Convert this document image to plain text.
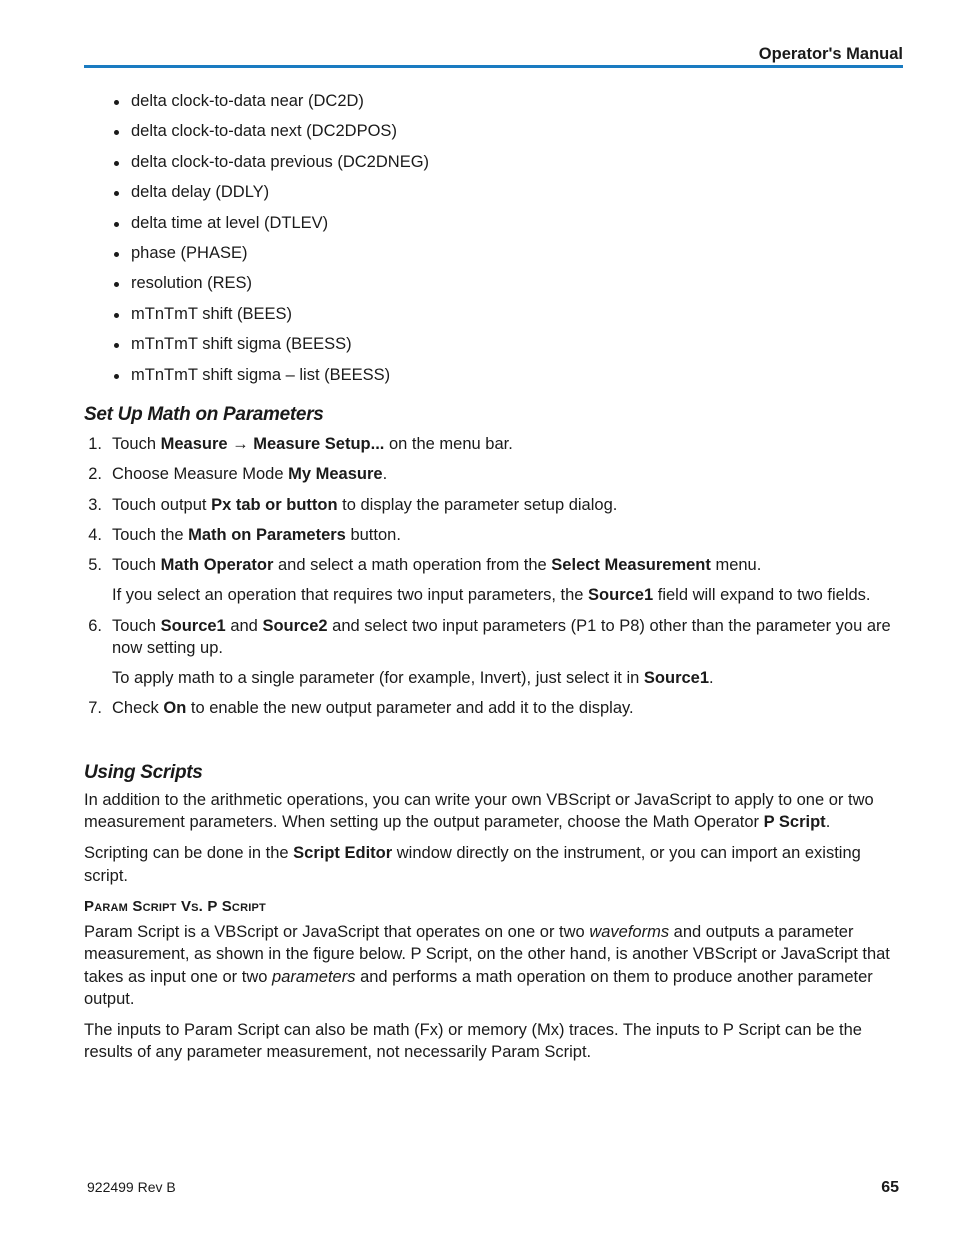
Operator's Manual
delta clock-to-data near (DC2D)
delta clock-to-data next (DC2DPOS)
delta clock-to-data previous (DC2DNEG)
delta delay (DDLY)
delta time at level (DTLEV)
phase (PHASE)
resolution (RES)
mTnTmT shift (BEES)
mTnTmT shift sigma (BEESS)
mTnTmT shift sigma – list (BEESS)
Set Up Math on Parameters
1. Touch Measure → Measure Setup... on the menu bar.

2. Choose Measure Mode My Measure.

3. Touch output Px tab or button to display the parameter setup dialog.

4. Touch the Math on Parameters button.

5. Touch Math Operator and select a math operation from the Select Measurement menu.

If you select an operation that requires two input parameters, the Source1 field will expand to two fields.

6. Touch Source1 and Source2 and select two input parameters (P1 to P8) other than the parameter you are now setting up.

To apply math to a single parameter (for example, Invert), just select it in Source1.

7. Check On to enable the new output parameter and add it to the display.

Using Scripts

In addition to the arithmetic operations, you can write your own VBScript or JavaScript to apply to one or two measurement parameters. When setting up the output parameter, choose the Math Operator P Script.

Scripting can be done in the Script Editor window directly on the instrument, or you can import an existing script.

Param Script Vs. P Script

Param Script is a VBScript or JavaScript that operates on one or two waveforms and outputs a parameter measurement, as shown in the figure below. P Script, on the other hand, is another VBScript or JavaScript that takes as input one or two parameters and performs a math operation on them to produce another parameter output.

The inputs to Param Script can also be math (Fx) or memory (Mx) traces. The inputs to P Script can be the results of any parameter measurement, not necessarily Param Script.

922499 Rev B	65
